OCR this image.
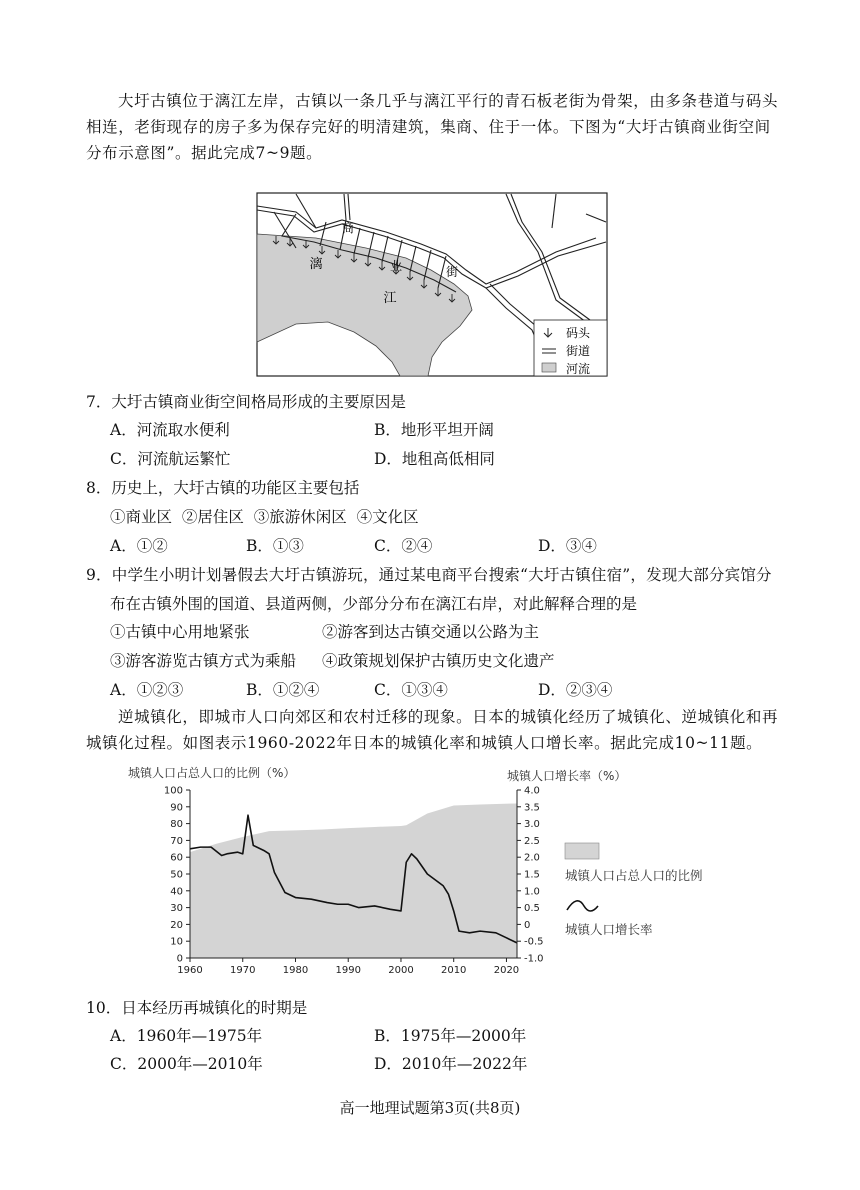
大圩古镇位于漓江左岸，古镇以一条几乎与漓江平行的青石板老街为骨架，由多条巷道与码头相连，老街现存的房子多为保存完好的明清建筑，集商、住于一体。下图为“大圩古镇商业街空间分布示意图”。据此完成7~9题。
商
业	街
漓
江
码头
街道
河流
7．大圩古镇商业街空间格局形成的主要原因是
A．河流取水便利	B．地形平坦开阔
C．河流航运繁忙	D．地租高低相同
8．历史上，大圩古镇的功能区主要包括
①商业区  ②居住区  ③旅游休闲区  ④文化区
A．①②	B．①③	C．②④	D．③④
9．中学生小明计划暑假去大圩古镇游玩，通过某电商平台搜索“大圩古镇住宿”，发现大部分宾馆分
布在古镇外围的国道、县道两侧，少部分分布在漓江右岸，对此解释合理的是
①古镇中心用地紧张	②游客到达古镇交通以公路为主
③游客游览古镇方式为乘船 ④政策规划保护古镇历史文化遗产
A．①②③	B．①②④	C．①③④	D．②③④
逆城镇化，即城市人口向郊区和农村迁移的现象。日本的城镇化经历了城镇化、逆城镇化和再城镇化过程。如图表示1960-2022年日本的城镇化率和城镇人口增长率。据此完成10~11题。
城镇人口占总人口的比例（%）	城镇人口增长率（%）
0
10
20
30
40
50
60
70
80
90
100
-1.0
-0.5
0
0.5
1.0
1.5
2.0
2.5
3.0
3.5
4.0
1960	1970	1980	1990	2000	2010	2020
城镇人口占总人口的比例
城镇人口增长率
10．日本经历再城镇化的时期是
A．1960年—1975年	B．1975年—2000年
C．2000年—2010年	D．2010年—2022年
高一地理试题第3页(共8页)
